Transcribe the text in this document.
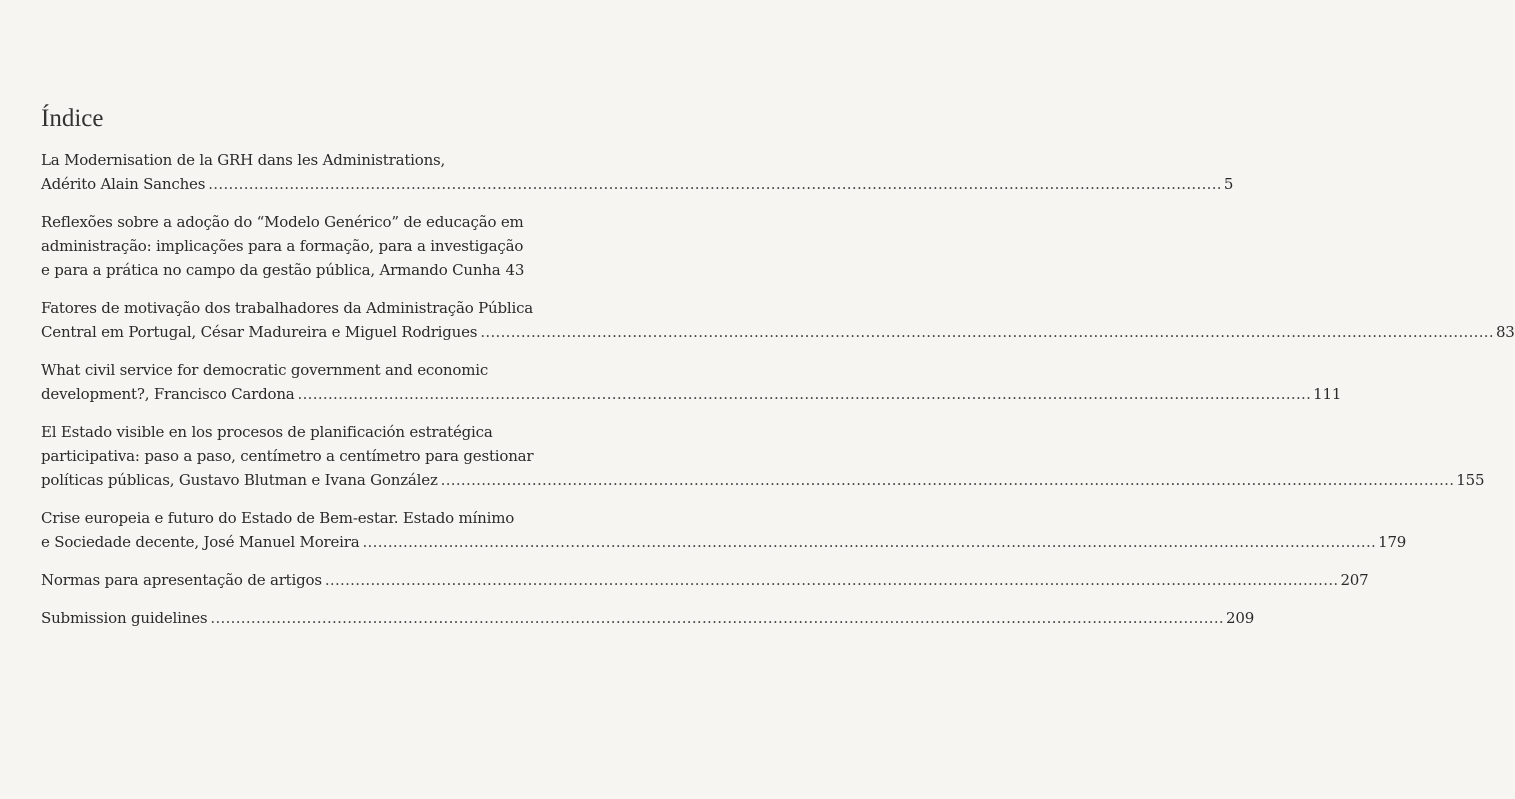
Índice
La Modernisation de la GRH dans les Administrations,
Adérito Alain Sanches ........................................................................................................................................................................................................ 5
Reflexões sobre a adoção do “Modelo Genérico” de educação em
administração: implicações para a formação, para a investigação
e para a prática no campo da gestão pública, Armando Cunha 43
Fatores de motivação dos trabalhadores da Administração Pública
Central em Portugal, César Madureira e Miguel Rodrigues ........................................................................................................................................................................................................ 83
What civil service for democratic government and economic
development?, Francisco Cardona ........................................................................................................................................................................................................ 111
El Estado visible en los procesos de planificación estratégica
participativa: paso a paso, centímetro a centímetro para gestionar
políticas públicas, Gustavo Blutman e Ivana González ........................................................................................................................................................................................................ 155
Crise europeia e futuro do Estado de Bem-estar. Estado mínimo
e Sociedade decente, José Manuel Moreira ........................................................................................................................................................................................................ 179
Normas para apresentação de artigos ........................................................................................................................................................................................................ 207
Submission guidelines ........................................................................................................................................................................................................ 209
